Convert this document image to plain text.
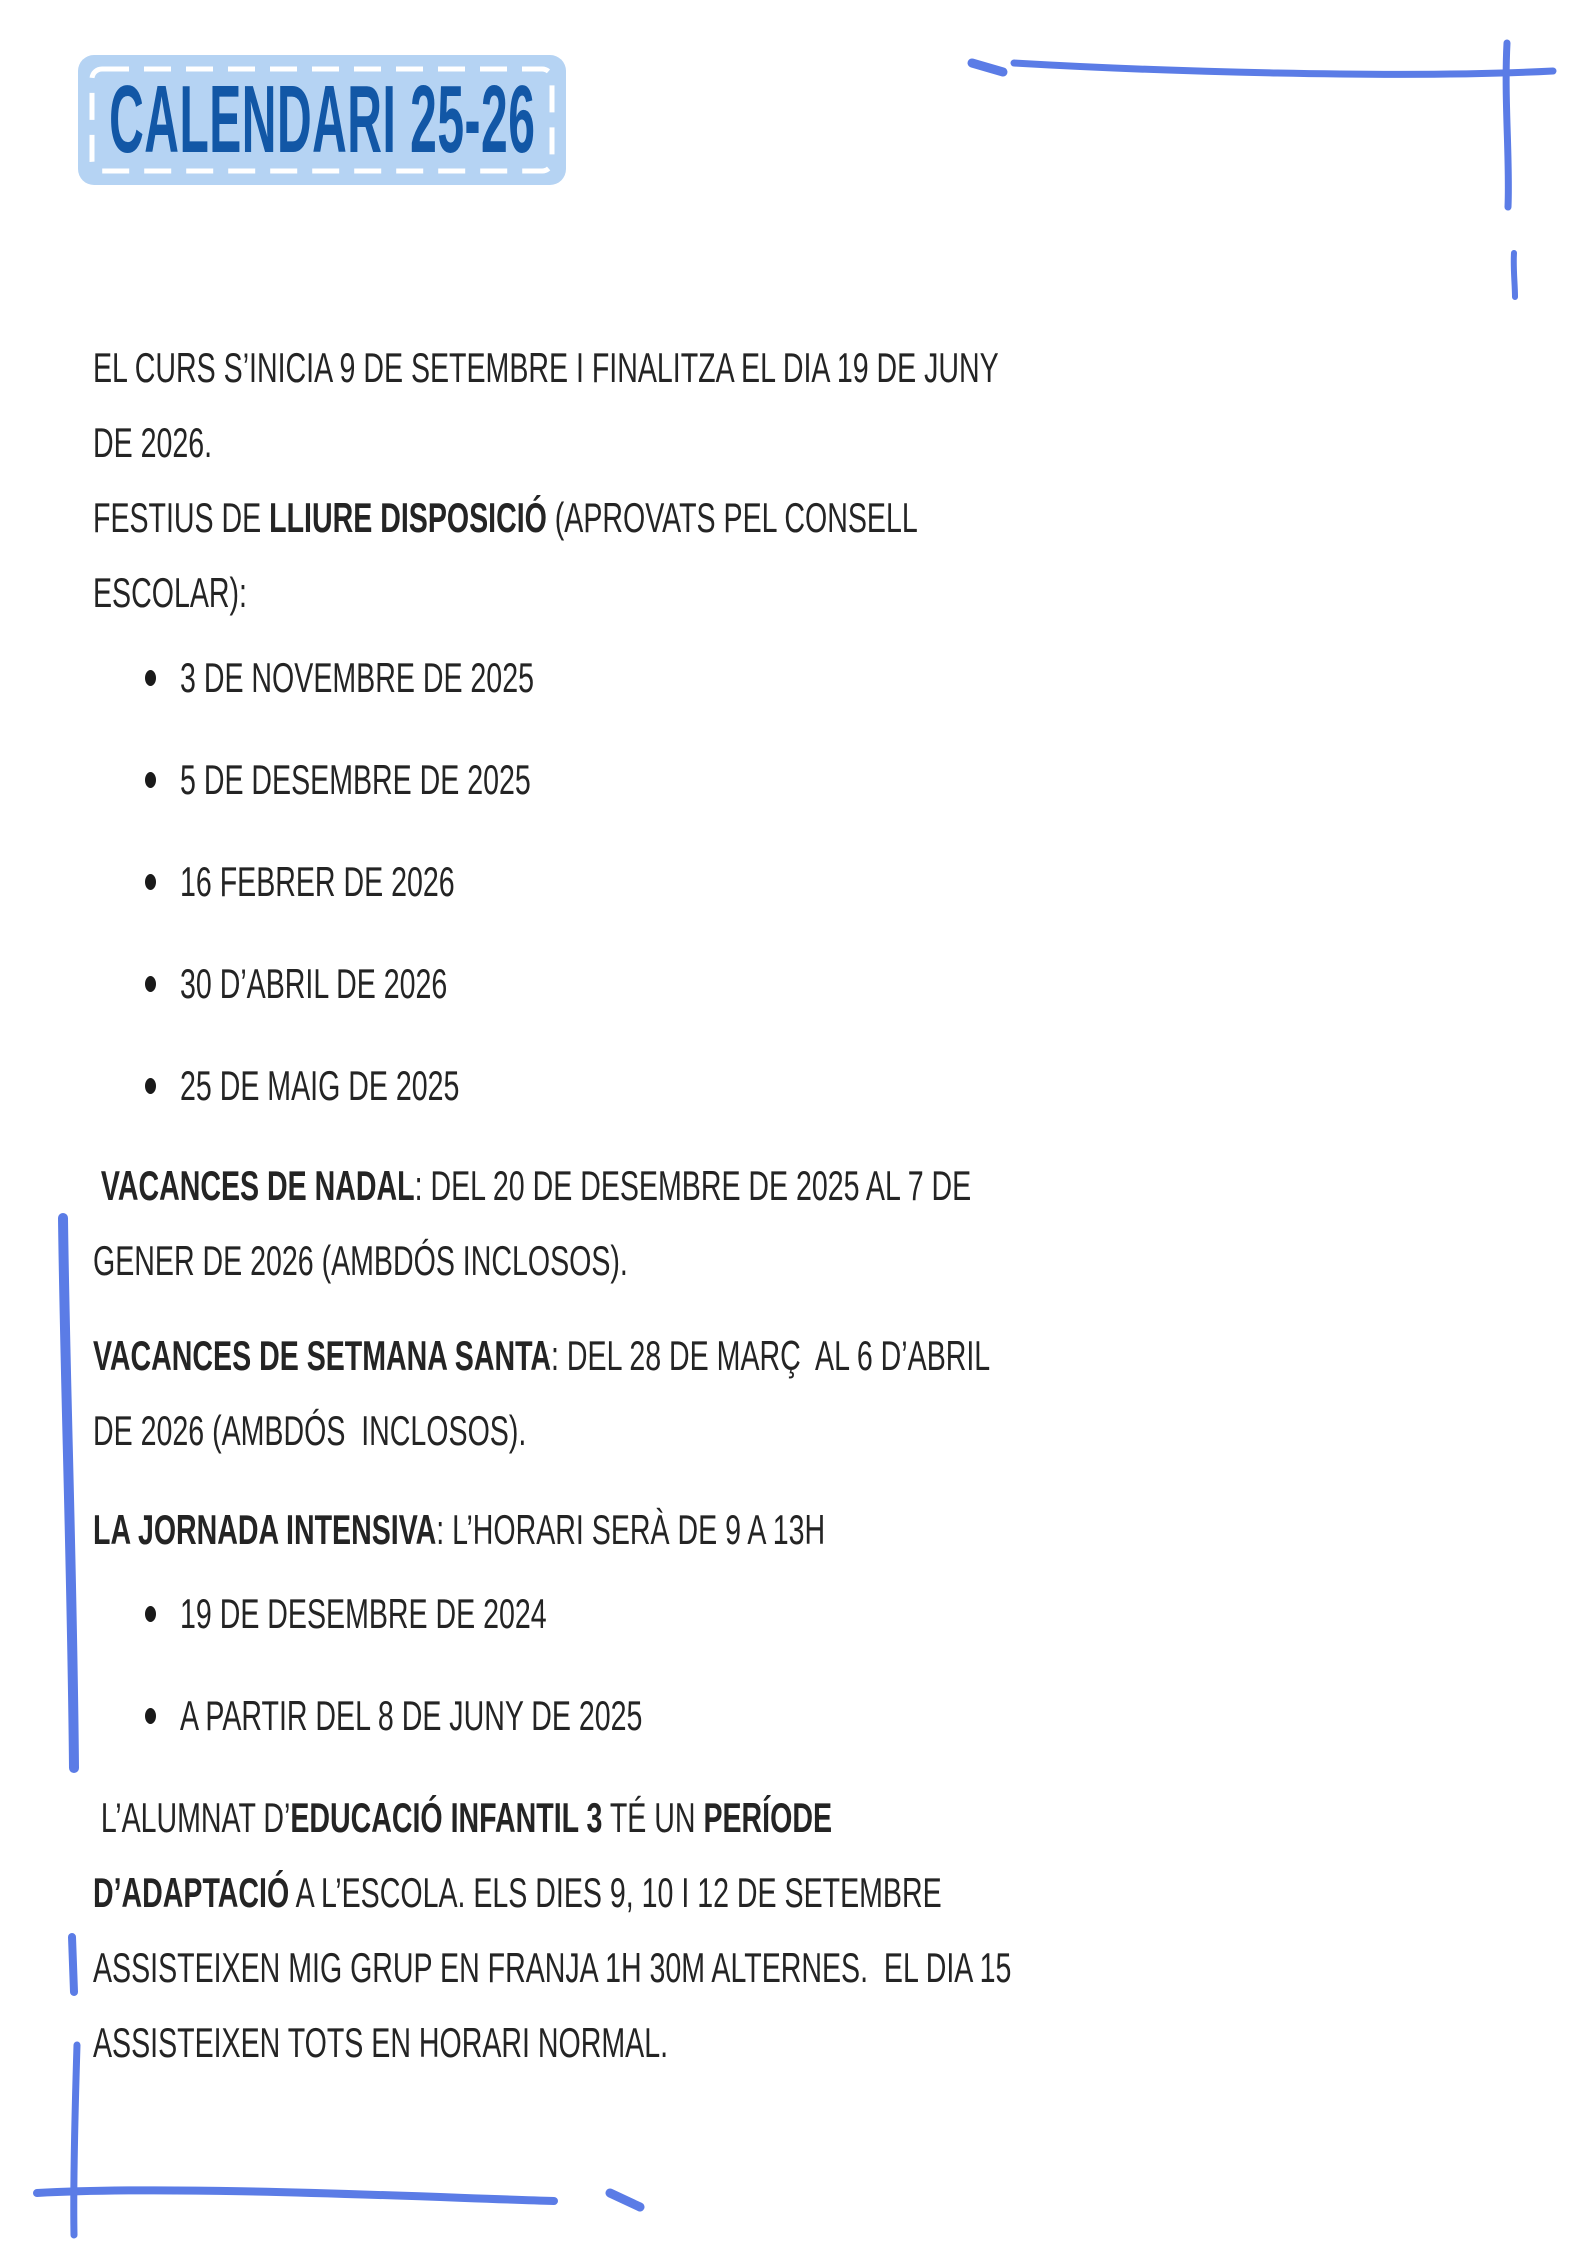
CALENDARI 25-26
EL CURS S’INICIA 9 DE SETEMBRE I FINALITZA EL DIA 19 DE JUNY
DE 2026.
FESTIUS DE LLIURE DISPOSICIÓ (APROVATS PEL CONSELL
ESCOLAR):
3 DE NOVEMBRE DE 2025
5 DE DESEMBRE DE 2025
16 FEBRER DE 2026
30 D’ABRIL DE 2026
25 DE MAIG DE 2025
VACANCES DE NADAL: DEL 20 DE DESEMBRE DE 2025 AL 7 DE
GENER DE 2026 (AMBDÓS INCLOSOS).
VACANCES DE SETMANA SANTA: DEL 28 DE MARÇ  AL 6 D’ABRIL
DE 2026 (AMBDÓS  INCLOSOS).
LA JORNADA INTENSIVA: L’HORARI SERÀ DE 9 A 13H
19 DE DESEMBRE DE 2024
A PARTIR DEL 8 DE JUNY DE 2025
L’ALUMNAT D’EDUCACIÓ INFANTIL 3 TÉ UN PERÍODE
D’ADAPTACIÓ A L’ESCOLA. ELS DIES 9, 10 I 12 DE SETEMBRE
ASSISTEIXEN MIG GRUP EN FRANJA 1H 30M ALTERNES.  EL DIA 15
ASSISTEIXEN TOTS EN HORARI NORMAL.
